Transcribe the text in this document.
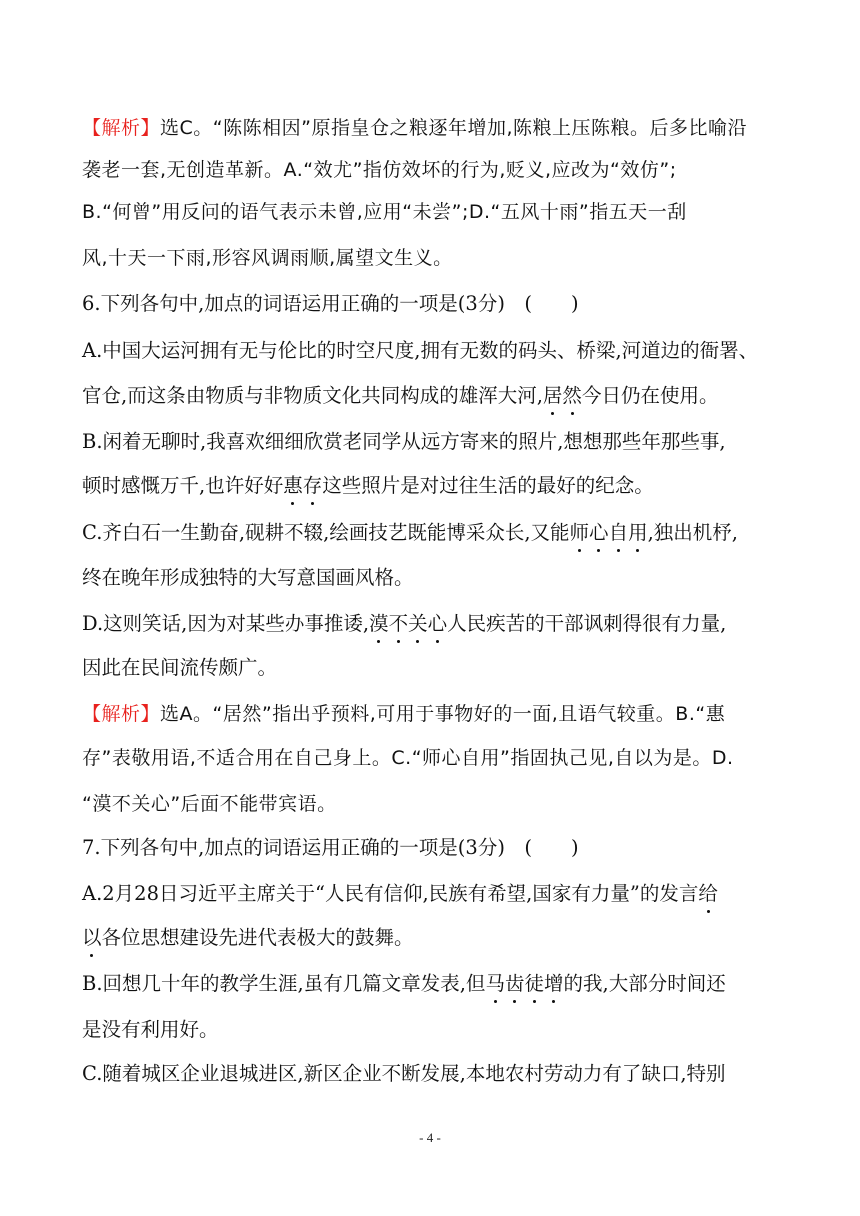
【解析】选C。“陈陈相因”原指皇仓之粮逐年增加,陈粮上压陈粮。后多比喻沿
袭老一套,无创造革新。A.“效尤”指仿效坏的行为,贬义,应改为“效仿”;
B.“何曾”用反问的语气表示未曾,应用“未尝”;D.“五风十雨”指五天一刮
风,十天一下雨,形容风调雨顺,属望文生义。
6.下列各句中,加点的词语运用正确的一项是(3分)　(　　)
A.中国大运河拥有无与伦比的时空尺度,拥有无数的码头、桥梁,河道边的衙署、
官仓,而这条由物质与非物质文化共同构成的雄浑大河,居然今日仍在使用。
B.闲着无聊时,我喜欢细细欣赏老同学从远方寄来的照片,想想那些年那些事,
顿时感慨万千,也许好好惠存这些照片是对过往生活的最好的纪念。
C.齐白石一生勤奋,砚耕不辍,绘画技艺既能博采众长,又能师心自用,独出机杼,
终在晚年形成独特的大写意国画风格。
D.这则笑话,因为对某些办事推诿,漠不关心人民疾苦的干部讽刺得很有力量,
因此在民间流传颇广。
【解析】选A。“居然”指出乎预料,可用于事物好的一面,且语气较重。B.“惠
存”表敬用语,不适合用在自己身上。C.“师心自用”指固执己见,自以为是。D.
“漠不关心”后面不能带宾语。
7.下列各句中,加点的词语运用正确的一项是(3分)　(　　)
A.2月28日习近平主席关于“人民有信仰,民族有希望,国家有力量”的发言给
以各位思想建设先进代表极大的鼓舞。
B.回想几十年的教学生涯,虽有几篇文章发表,但马齿徒增的我,大部分时间还
是没有利用好。
C.随着城区企业退城进区,新区企业不断发展,本地农村劳动力有了缺口,特别
- 4 -
